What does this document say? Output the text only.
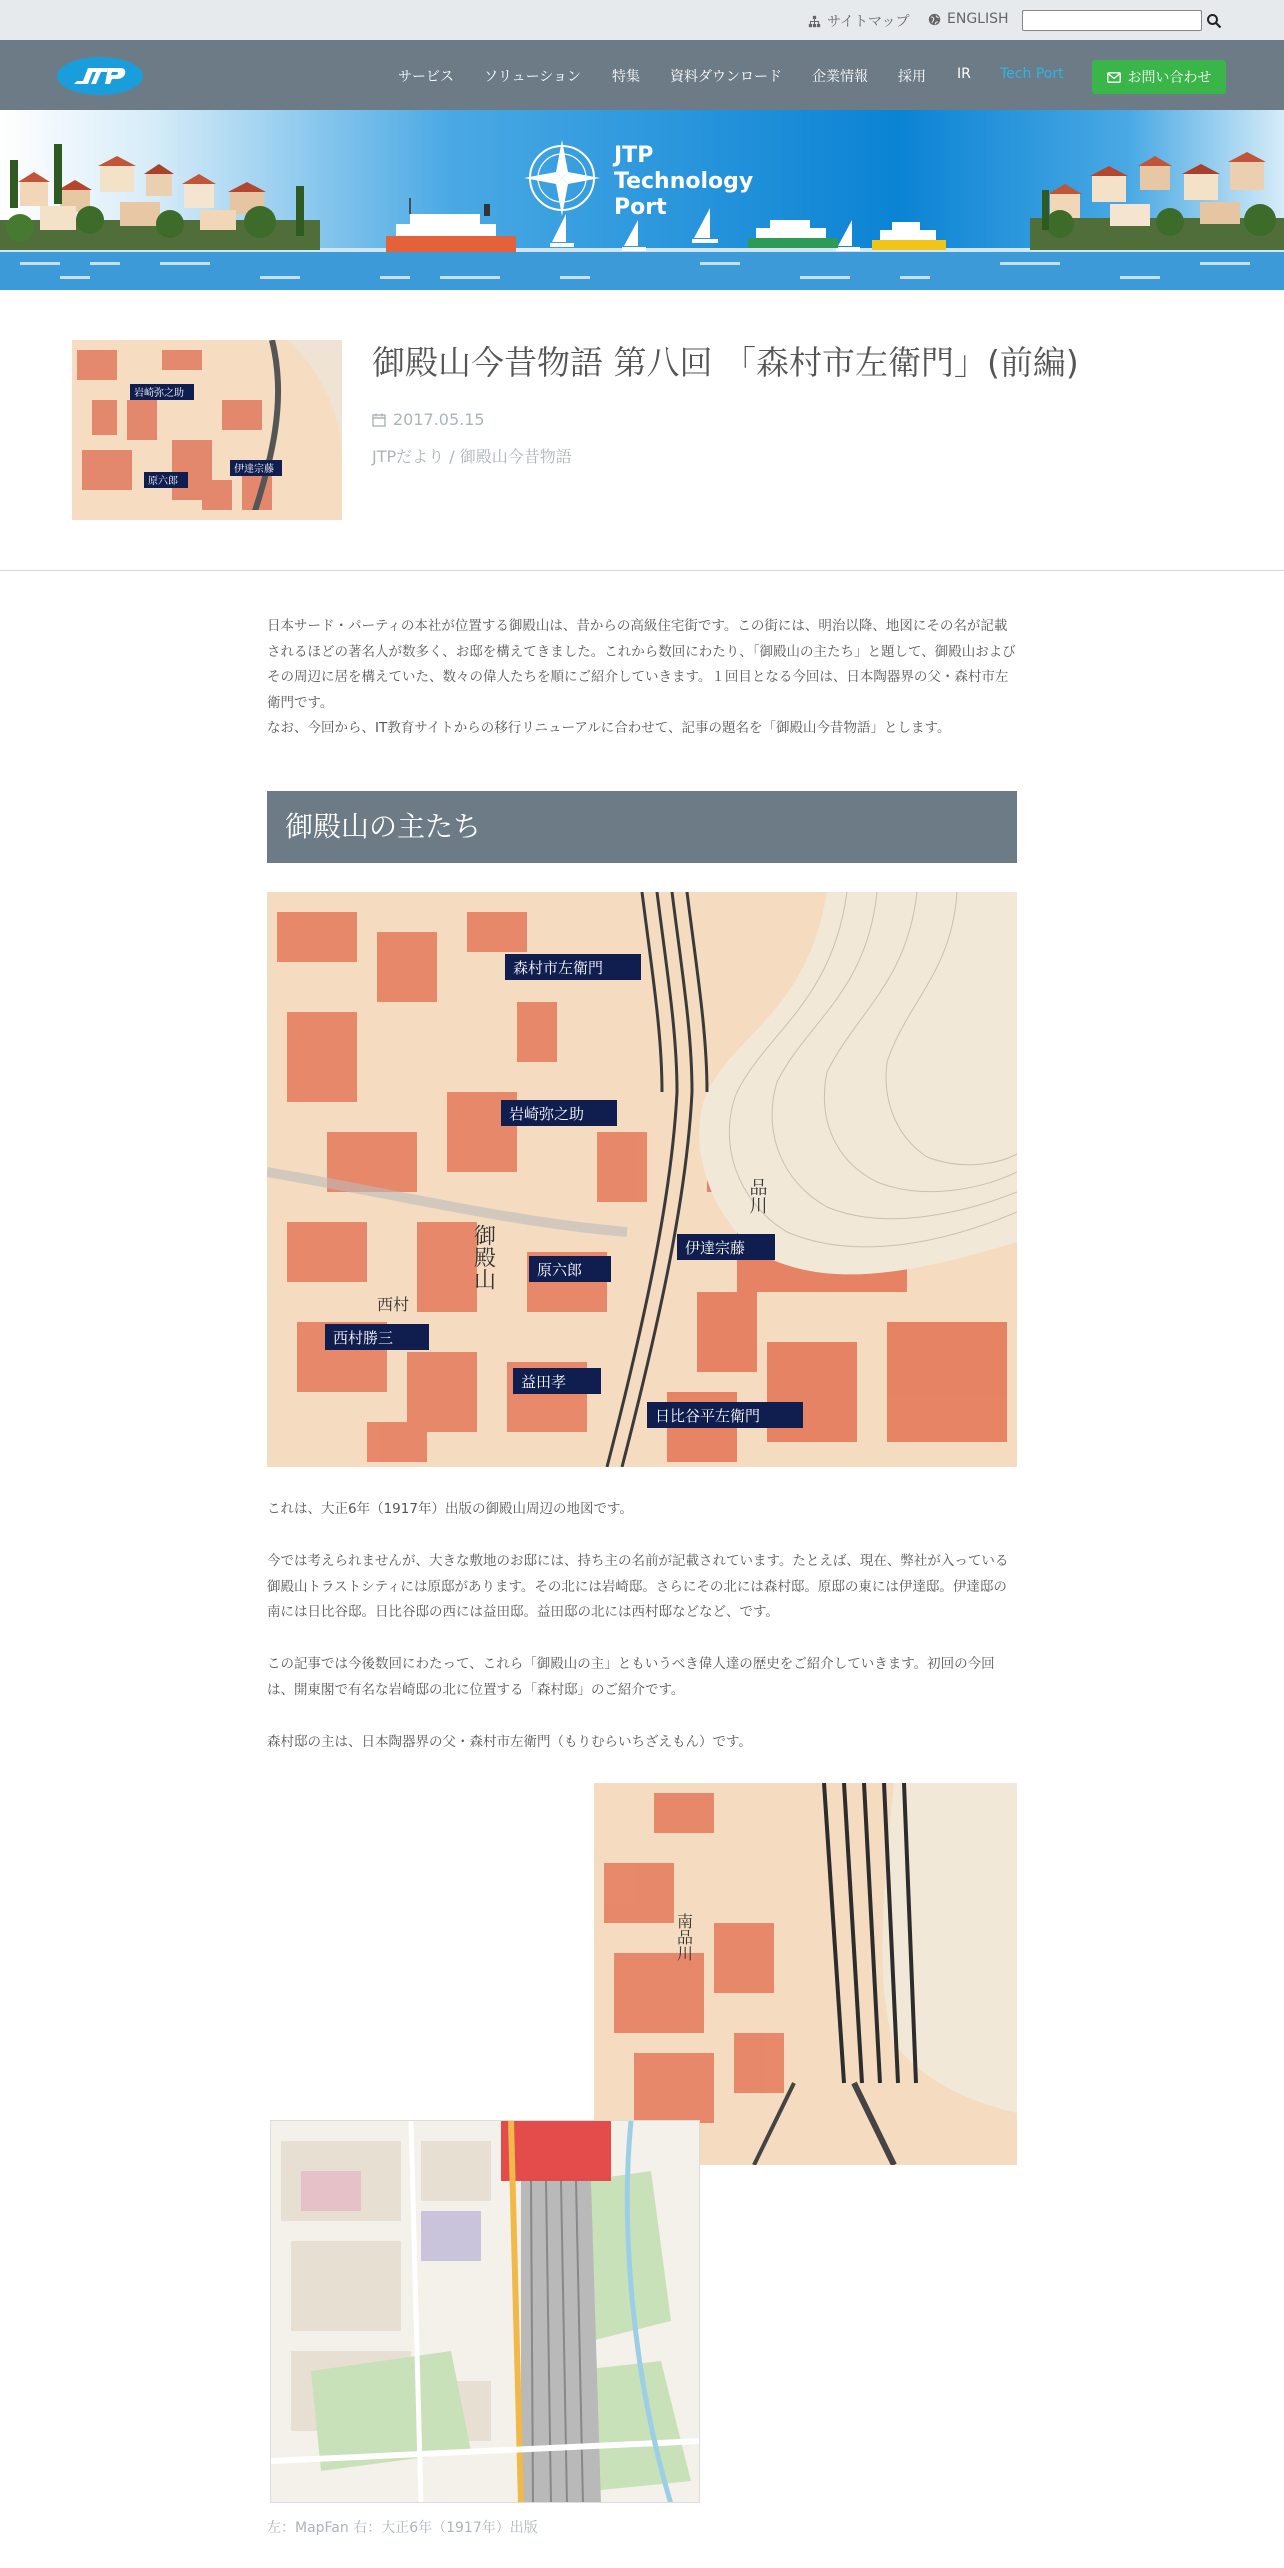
サイトマップ	ENGLISH
サービス ソリューション 特集 資料ダウンロード 企業情報 採用 IR Tech Port	お問い合わせ
JTP
Technology
Port
岩崎弥之助
伊達宗藤
原六郎
御殿山今昔物語 第八回 「森村市左衛門」(前編)
2017.05.15
JTPだより / 御殿山今昔物語
日本サード・パーティの本社が位置する御殿山は、昔からの高級住宅街です。この街には、明治以降、地図にその名が記載されるほどの著名人が数多く、お邸を構えてきました。これから数回にわたり、「御殿山の主たち」と題して、御殿山およびその周辺に居を構えていた、数々の偉人たちを順にご紹介していきます。１回目となる今回は、日本陶器界の父・森村市左衛門です。
なお、今回から、IT教育サイトからの移行リニューアルに合わせて、記事の題名を「御殿山今昔物語」とします。
御殿山の主たち
森村市左衛門
岩崎弥之助
伊達宗藤
原六郎
西村勝三
益田孝
日比谷平左衛門
御殿山
西村
品川
これは、大正6年（1917年）出版の御殿山周辺の地図です。
今では考えられませんが、大きな敷地のお邸には、持ち主の名前が記載されています。たとえば、現在、弊社が入っている御殿山トラストシティには原邸があります。その北には岩崎邸。さらにその北には森村邸。原邸の東には伊達邸。伊達邸の南には日比谷邸。日比谷邸の西には益田邸。益田邸の北には西村邸などなど、です。
この記事では今後数回にわたって、これら「御殿山の主」ともいうべき偉人達の歴史をご紹介していきます。初回の今回は、開東閣で有名な岩崎邸の北に位置する「森村邸」のご紹介です。
森村邸の主は、日本陶器界の父・森村市左衛門（もりむらいちざえもん）です。
南品川
左：MapFan 右：大正6年（1917年）出版
